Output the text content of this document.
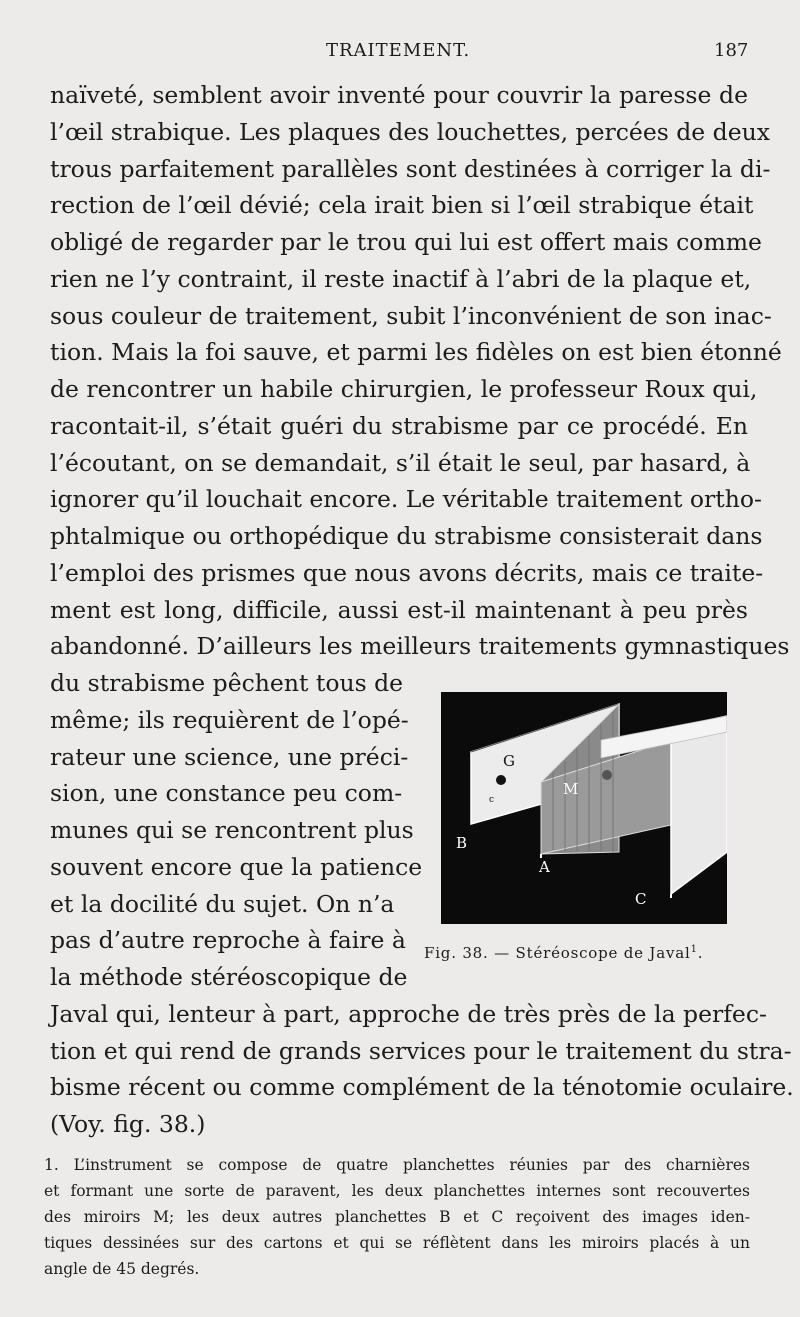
TRAITEMENT.	187
naïveté, semblent avoir inventé pour couvrir la paresse de
l’œil strabique. Les plaques des louchettes, percées de deux
trous parfaitement parallèles sont destinées à corriger la di-
rection de l’œil dévié; cela irait bien si l’œil strabique était
obligé de regarder par le trou qui lui est offert mais comme
rien ne l’y contraint, il reste inactif à l’abri de la plaque et,
sous couleur de traitement, subit l’inconvénient de son inac-
tion. Mais la foi sauve, et parmi les fidèles on est bien étonné
de rencontrer un habile chirurgien, le professeur Roux qui,
racontait-il, s’était guéri du strabisme par ce procédé. En
l’écoutant, on se demandait, s’il était le seul, par hasard, à
ignorer qu’il louchait encore. Le véritable traitement ortho-
phtalmique ou orthopédique du strabisme consisterait dans
l’emploi des prismes que nous avons décrits, mais ce traite-
ment est long, difficile, aussi est-il maintenant à peu près
abandonné. D’ailleurs les meilleurs traitements gymnastiques
du strabisme pêchent tous de
même; ils requièrent de l’opé-
rateur une science, une préci-
sion, une constance peu com-
munes qui se rencontrent plus
souvent encore que la patience
et la docilité du sujet. On n’a
pas d’autre reproche à faire à
la méthode stéréoscopique de
Javal qui, lenteur à part, approche de très près de la perfec-
tion et qui rend de grands services pour le traitement du stra-
bisme récent ou comme complément de la ténotomie oculaire.
(Voy. fig. 38.)
G
c
M
B
A
C
Fig. 38. — Stéréoscope de Javal$^1$.
1. L’instrument se compose de quatre planchettes réunies par des charnières
et formant une sorte de paravent, les deux planchettes internes sont recouvertes
des miroirs M; les deux autres planchettes B et C reçoivent des images iden-
tiques dessinées sur des cartons et qui se réflètent dans les miroirs placés à un
angle de 45 degrés.
